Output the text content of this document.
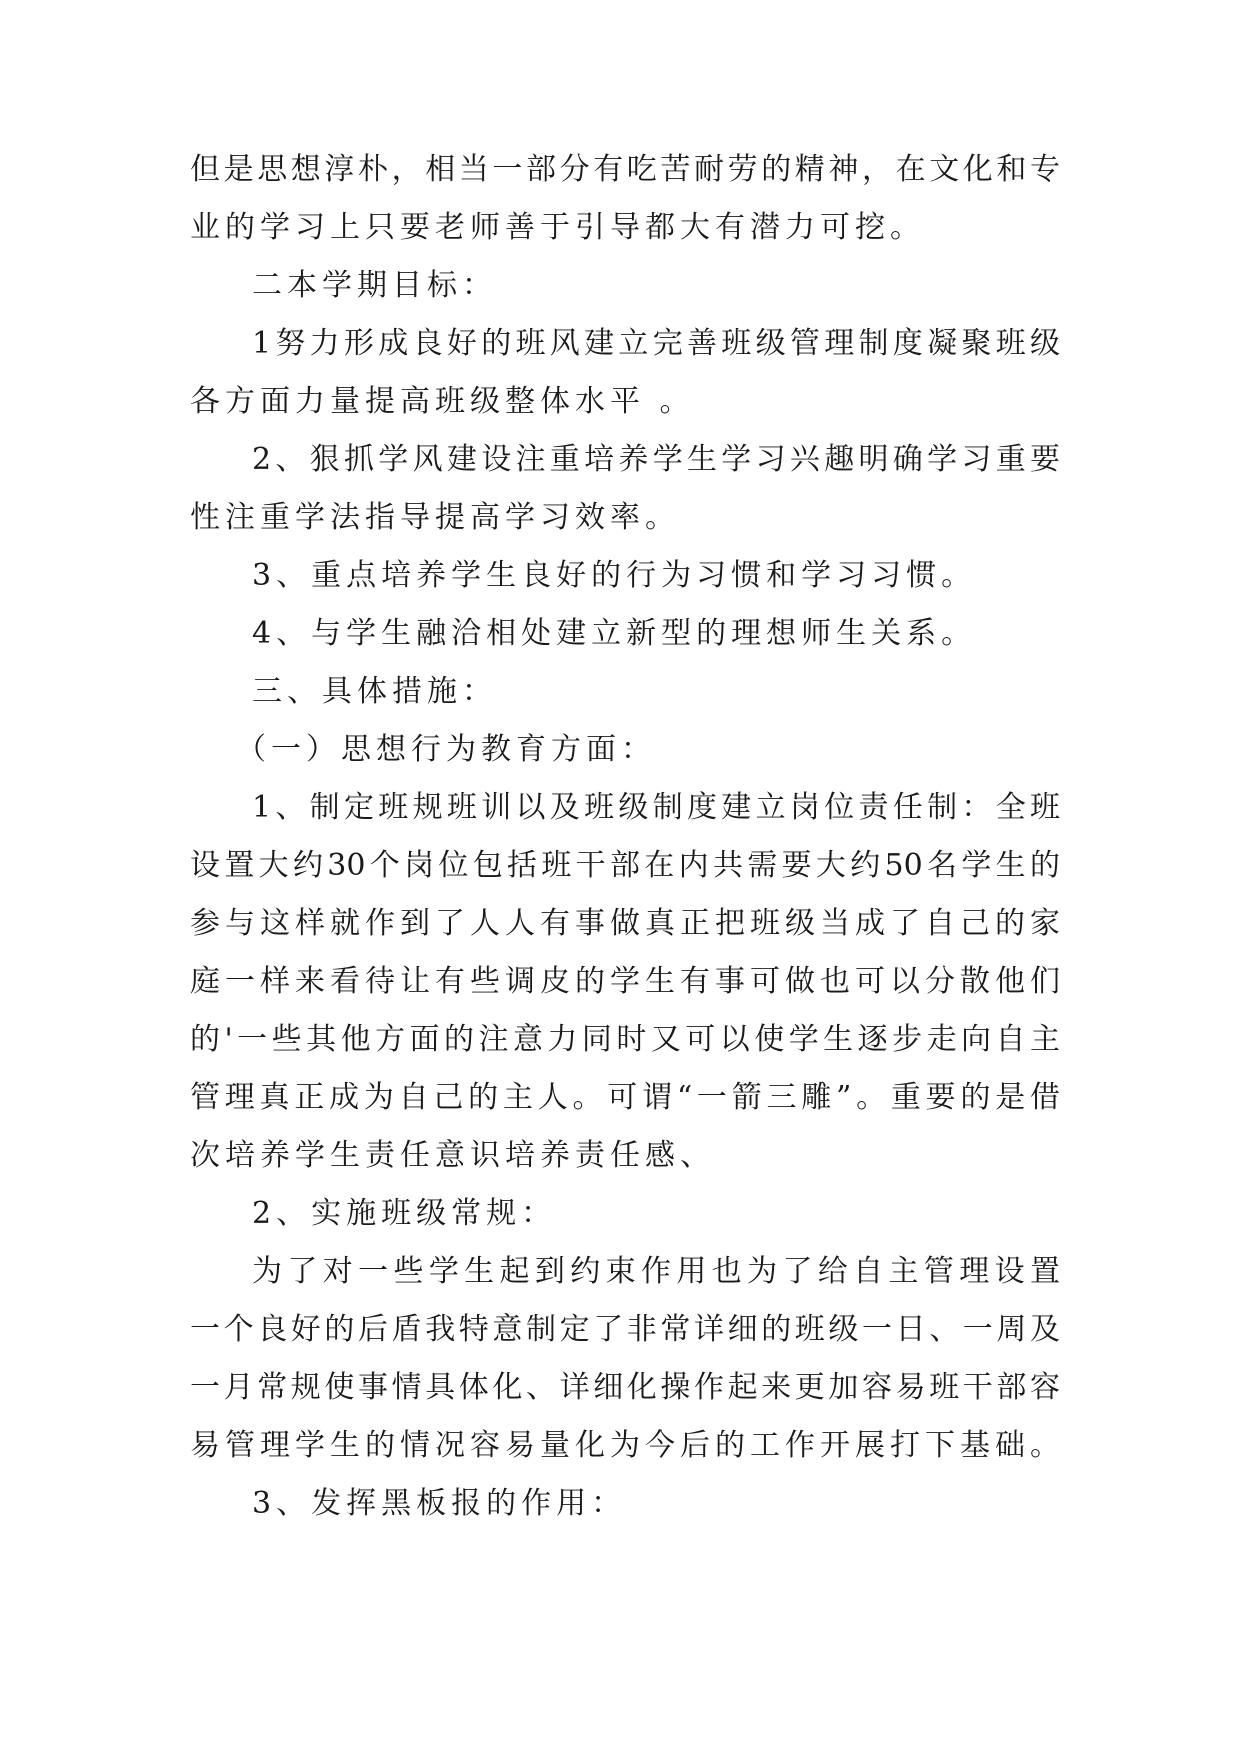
但是思想淳朴，相当一部分有吃苦耐劳的精神，在文化和专
业的学习上只要老师善于引导都大有潜力可挖。
二本学期目标：
1努力形成良好的班风建立完善班级管理制度凝聚班级
各方面力量提高班级整体水平 。
2、狠抓学风建设注重培养学生学习兴趣明确学习重要
性注重学法指导提高学习效率。
3、重点培养学生良好的行为习惯和学习习惯。
4、与学生融洽相处建立新型的理想师生关系。
三、具体措施：
（一）思想行为教育方面：
1、制定班规班训以及班级制度建立岗位责任制：全班
设置大约30个岗位包括班干部在内共需要大约50名学生的
参与这样就作到了人人有事做真正把班级当成了自己的家
庭一样来看待让有些调皮的学生有事可做也可以分散他们
的'一些其他方面的注意力同时又可以使学生逐步走向自主
管理真正成为自己的主人。可谓“一箭三雕”。重要的是借
次培养学生责任意识培养责任感、
2、实施班级常规：
为了对一些学生起到约束作用也为了给自主管理设置
一个良好的后盾我特意制定了非常详细的班级一日、一周及
一月常规使事情具体化、详细化操作起来更加容易班干部容
易管理学生的情况容易量化为今后的工作开展打下基础。
3、发挥黑板报的作用：
